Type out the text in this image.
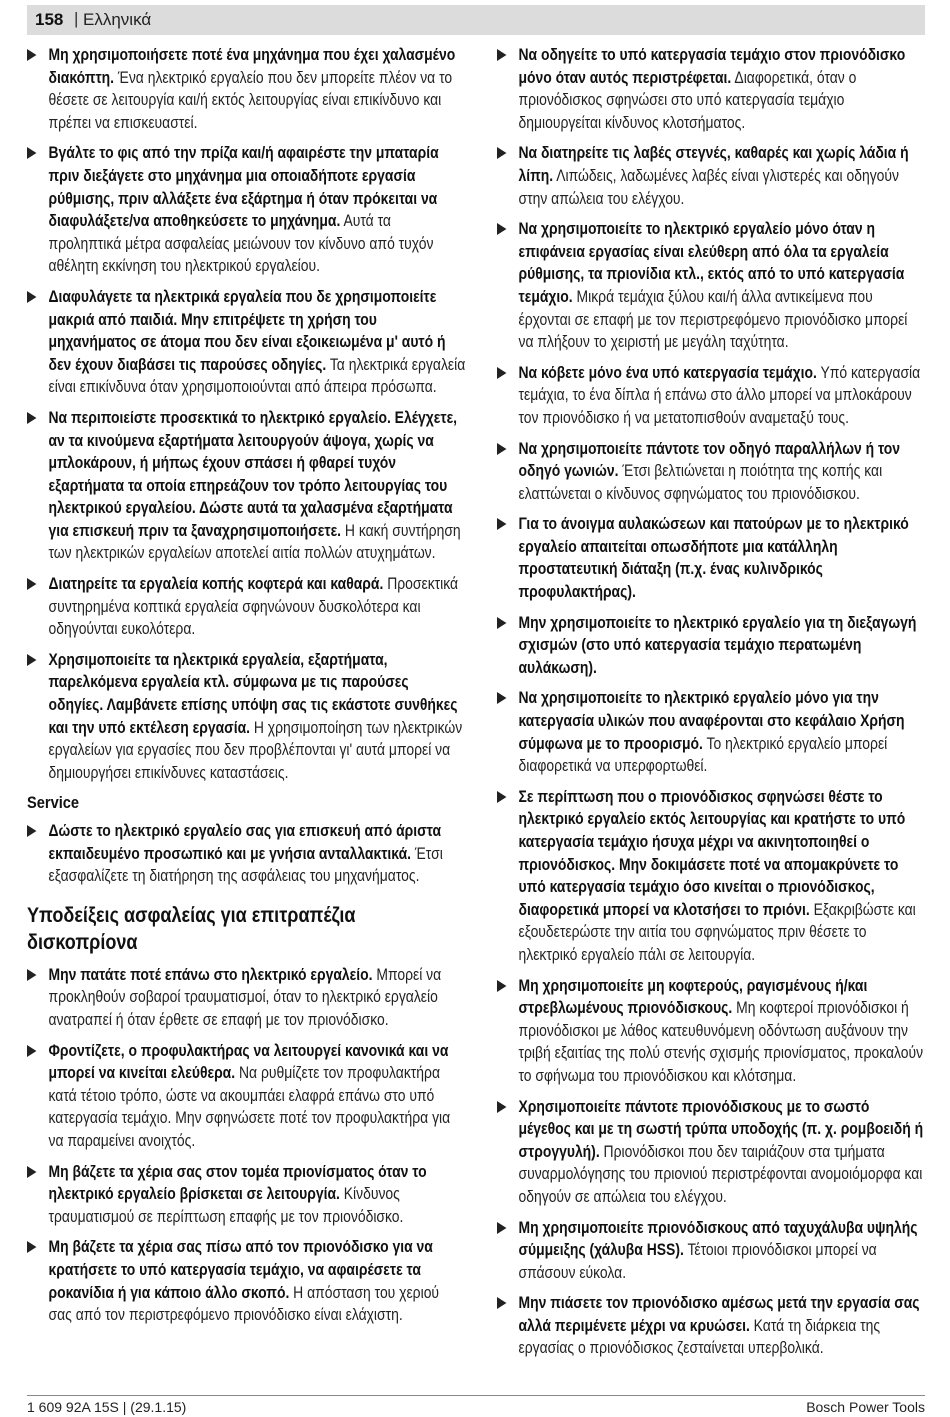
158 | Ελληνικά
Μη χρησιμοποιήσετε ποτέ ένα μηχάνημα που έχει χαλασμένο διακόπτη. Ένα ηλεκτρικό εργαλείο που δεν μπορείτε πλέον να το θέσετε σε λειτουργία και/ή εκτός λειτουργίας είναι επικίνδυνο και πρέπει να επισκευαστεί.
Βγάλτε το φις από την πρίζα και/ή αφαιρέστε την μπαταρία πριν διεξάγετε στο μηχάνημα μια οποιαδήποτε εργασία ρύθμισης, πριν αλλάξετε ένα εξάρτημα ή όταν πρόκειται να διαφυλάξετε/να αποθηκεύσετε το μηχάνημα. Αυτά τα προληπτικά μέτρα ασφαλείας μειώνουν τον κίνδυνο από τυχόν αθέλητη εκκίνηση του ηλεκτρικού εργαλείου.
Διαφυλάγετε τα ηλεκτρικά εργαλεία που δε χρησιμοποιείτε μακριά από παιδιά. Μην επιτρέψετε τη χρήση του μηχανήματος σε άτομα που δεν είναι εξοικειωμένα μ' αυτό ή δεν έχουν διαβάσει τις παρούσες οδηγίες. Τα ηλεκτρικά εργαλεία είναι επικίνδυνα όταν χρησιμοποιούνται από άπειρα πρόσωπα.
Να περιποιείστε προσεκτικά το ηλεκτρικό εργαλείο. Ελέγχετε, αν τα κινούμενα εξαρτήματα λειτουργούν άψογα, χωρίς να μπλοκάρουν, ή μήπως έχουν σπάσει ή φθαρεί τυχόν εξαρτήματα τα οποία επηρεάζουν τον τρόπο λειτουργίας του ηλεκτρικού εργαλείου. Δώστε αυτά τα χαλασμένα εξαρτήματα για επισκευή πριν τα ξαναχρησιμοποιήσετε. Η κακή συντήρηση των ηλεκτρικών εργαλείων αποτελεί αιτία πολλών ατυχημάτων.
Διατηρείτε τα εργαλεία κοπής κοφτερά και καθαρά. Προσεκτικά συντηρημένα κοπτικά εργαλεία σφηνώνουν δυσκολότερα και οδηγούνται ευκολότερα.
Χρησιμοποιείτε τα ηλεκτρικά εργαλεία, εξαρτήματα, παρελκόμενα εργαλεία κτλ. σύμφωνα με τις παρούσες οδηγίες. Λαμβάνετε επίσης υπόψη σας τις εκάστοτε συνθήκες και την υπό εκτέλεση εργασία. Η χρησιμοποίηση των ηλεκτρικών εργαλείων για εργασίες που δεν προβλέπονται γι' αυτά μπορεί να δημιουργήσει επικίνδυνες καταστάσεις.
Service
Δώστε το ηλεκτρικό εργαλείο σας για επισκευή από άριστα εκπαιδευμένο προσωπικό και με γνήσια ανταλλακτικά. Έτσι εξασφαλίζετε τη διατήρηση της ασφάλειας του μηχανήματος.
Υποδείξεις ασφαλείας για επιτραπέζια δισκοπρίονα
Μην πατάτε ποτέ επάνω στο ηλεκτρικό εργαλείο. Μπορεί να προκληθούν σοβαροί τραυματισμοί, όταν το ηλεκτρικό εργαλείο ανατραπεί ή όταν έρθετε σε επαφή με τον πριονόδισκο.
Φροντίζετε, ο προφυλακτήρας να λειτουργεί κανονικά και να μπορεί να κινείται ελεύθερα. Να ρυθμίζετε τον προφυλακτήρα κατά τέτοιο τρόπο, ώστε να ακουμπάει ελαφρά επάνω στο υπό κατεργασία τεμάχιο. Μην σφηνώσετε ποτέ τον προφυλακτήρα για να παραμείνει ανοιχτός.
Μη βάζετε τα χέρια σας στον τομέα πριονίσματος όταν το ηλεκτρικό εργαλείο βρίσκεται σε λειτουργία. Κίνδυνος τραυματισμού σε περίπτωση επαφής με τον πριονόδισκο.
Μη βάζετε τα χέρια σας πίσω από τον πριονόδισκο για να κρατήσετε το υπό κατεργασία τεμάχιο, να αφαιρέσετε τα ροκανίδια ή για κάποιο άλλο σκοπό. Η απόσταση του χεριού σας από τον περιστρεφόμενο πριονόδισκο είναι ελάχιστη.
Να οδηγείτε το υπό κατεργασία τεμάχιο στον πριονόδισκο μόνο όταν αυτός περιστρέφεται. Διαφορετικά, όταν ο πριονόδισκος σφηνώσει στο υπό κατεργασία τεμάχιο δημιουργείται κίνδυνος κλοτσήματος.
Να διατηρείτε τις λαβές στεγνές, καθαρές και χωρίς λάδια ή λίπη. Λιπώδεις, λαδωμένες λαβές είναι γλιστερές και οδηγούν στην απώλεια του ελέγχου.
Να χρησιμοποιείτε το ηλεκτρικό εργαλείο μόνο όταν η επιφάνεια εργασίας είναι ελεύθερη από όλα τα εργαλεία ρύθμισης, τα πριονίδια κτλ., εκτός από το υπό κατεργασία τεμάχιο. Μικρά τεμάχια ξύλου και/ή άλλα αντικείμενα που έρχονται σε επαφή με τον περιστρεφόμενο πριονόδισκο μπορεί να πλήξουν το χειριστή με μεγάλη ταχύτητα.
Να κόβετε μόνο ένα υπό κατεργασία τεμάχιο. Υπό κατεργασία τεμάχια, το ένα δίπλα ή επάνω στο άλλο μπορεί να μπλοκάρουν τον πριονόδισκο ή να μετατοπισθούν αναμεταξύ τους.
Να χρησιμοποιείτε πάντοτε τον οδηγό παραλλήλων ή τον οδηγό γωνιών. Έτσι βελτιώνεται η ποιότητα της κοπής και ελαττώνεται ο κίνδυνος σφηνώματος του πριονόδισκου.
Για το άνοιγμα αυλακώσεων και πατούρων με το ηλεκτρικό εργαλείο απαιτείται οπωσδήποτε μια κατάλληλη προστατευτική διάταξη (π.χ. ένας κυλινδρικός προφυλακτήρας).
Μην χρησιμοποιείτε το ηλεκτρικό εργαλείο για τη διεξαγωγή σχισμών (στο υπό κατεργασία τεμάχιο περατωμένη αυλάκωση).
Να χρησιμοποιείτε το ηλεκτρικό εργαλείο μόνο για την κατεργασία υλικών που αναφέρονται στο κεφάλαιο Χρήση σύμφωνα με το προορισμό. Το ηλεκτρικό εργαλείο μπορεί διαφορετικά να υπερφορτωθεί.
Σε περίπτωση που ο πριονόδισκος σφηνώσει θέστε το ηλεκτρικό εργαλείο εκτός λειτουργίας και κρατήστε το υπό κατεργασία τεμάχιο ήσυχα μέχρι να ακινητοποιηθεί ο πριονόδισκος. Μην δοκιμάσετε ποτέ να απομακρύνετε το υπό κατεργασία τεμάχιο όσο κινείται ο πριονόδισκος, διαφορετικά μπορεί να κλοτσήσει το πριόνι. Εξακριβώστε και εξουδετερώστε την αιτία του σφηνώματος πριν θέσετε το ηλεκτρικό εργαλείο πάλι σε λειτουργία.
Μη χρησιμοποιείτε μη κοφτερούς, ραγισμένους ή/και στρεβλωμένους πριονόδισκους. Μη κοφτεροί πριονόδισκοι ή πριονόδισκοι με λάθος κατευθυνόμενη οδόντωση αυξάνουν την τριβή εξαιτίας της πολύ στενής σχισμής πριονίσματος, προκαλούν το σφήνωμα του πριονόδισκου και κλότσημα.
Χρησιμοποιείτε πάντοτε πριονόδισκους με το σωστό μέγεθος και με τη σωστή τρύπα υποδοχής (π. χ. ρομβοειδή ή στρογγυλή). Πριονόδισκοι που δεν ταιριάζουν στα τμήματα συναρμολόγησης του πριονιού περιστρέφονται ανομοιόμορφα και οδηγούν σε απώλεια του ελέγχου.
Μη χρησιμοποιείτε πριονόδισκους από ταχυχάλυβα υψηλής σύμμειξης (χάλυβα HSS). Τέτοιοι πριονόδισκοι μπορεί να σπάσουν εύκολα.
Μην πιάσετε τον πριονόδισκο αμέσως μετά την εργασία σας αλλά περιμένετε μέχρι να κρυώσει. Κατά τη διάρκεια της εργασίας ο πριονόδισκος ζεσταίνεται υπερβολικά.
1 609 92A 15S | (29.1.15)	Bosch Power Tools
